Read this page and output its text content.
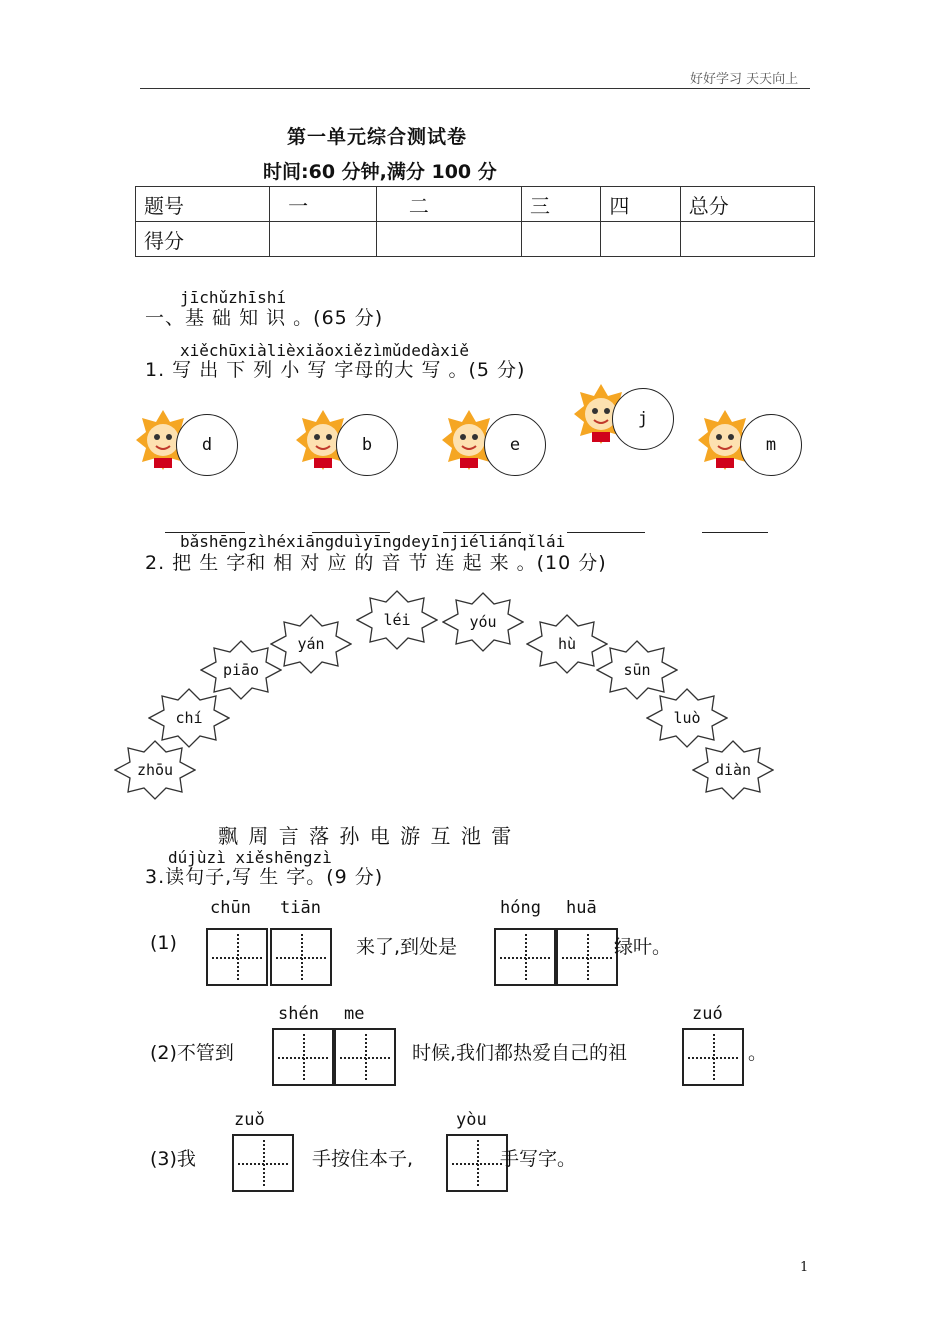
好好学习 天天向上
第一单元综合测试卷
时间:60 分钟,满分 100 分
题号	一	二	三	四	总分
得分					
jīchǔzhīshí
一、基 础 知 识 。(65 分)
xiěchūxiàlièxiǎoxiězìmǔdedàxiě
1. 写 出 下 列 小 写 字母的大 写 。(5 分)
d	b	e
j
m
bǎshēngzìhéxiāngduìyīngdeyīnjiéliánqǐlái
2. 把 生 字和 相 对 应 的 音 节 连 起 来 。(10 分)
zhōu
chí
piāo
yán
léi	yóu
hù
sūn
luò
diàn
飘 周 言 落 孙 电 游 互 池 雷
dújùzì xiěshēngzì
3.读句子,写 生 字。(9 分)
(1)
chūn tiān
来了,到处是
hóng huā
绿叶。
(2)不管到
shén me
时候,我们都热爱自己的祖
zuó
。
(3)我
zuǒ
手按住本子,
yòu
手写字。
1
